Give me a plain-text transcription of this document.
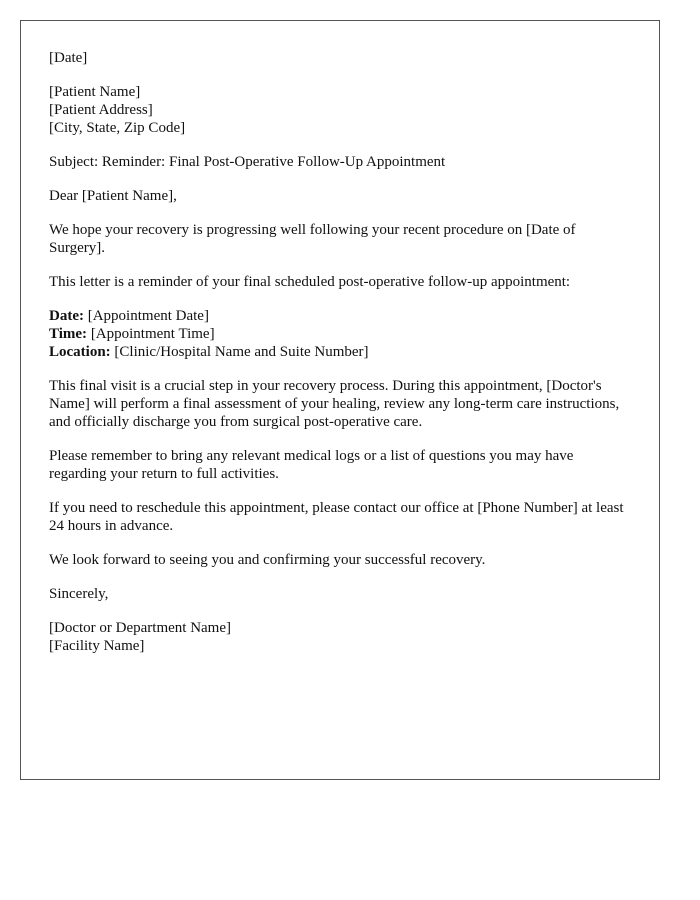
[Date]

[Patient Name]
[Patient Address]
[City, State, Zip Code]

Subject: Reminder: Final Post-Operative Follow-Up Appointment

Dear [Patient Name],

We hope your recovery is progressing well following your recent procedure on [Date of Surgery].

This letter is a reminder of your final scheduled post-operative follow-up appointment:

Date: [Appointment Date]
Time: [Appointment Time]
Location: [Clinic/Hospital Name and Suite Number]

This final visit is a crucial step in your recovery process. During this appointment, [Doctor's Name] will perform a final assessment of your healing, review any long-term care instructions, and officially discharge you from surgical post-operative care.

Please remember to bring any relevant medical logs or a list of questions you may have regarding your return to full activities.

If you need to reschedule this appointment, please contact our office at [Phone Number] at least 24 hours in advance.

We look forward to seeing you and confirming your successful recovery.

Sincerely,

[Doctor or Department Name]
[Facility Name]
